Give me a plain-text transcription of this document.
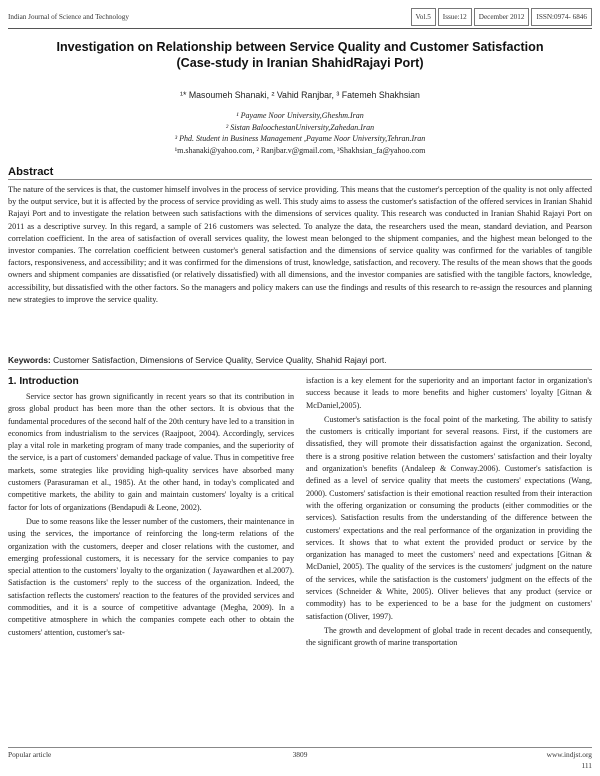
Indian Journal of Science and Technology	Vol.5	Issue:12	December 2012	ISSN:0974- 6846
Investigation on Relationship between Service Quality and Customer Satisfaction
(Case-study in Iranian ShahidRajayi Port)
¹* Masoumeh Shanaki, ² Vahid Ranjbar, ³ Fatemeh Shakhsian
¹ Payame Noor University,Gheshm.Iran
² Sistan BaloochestanUniversity,Zahedan.Iran
³ Phd. Student in Business Management ,Payame Noor University,Tehran.Iran
¹m.shanaki@yahoo.com, ² Ranjbar.v@gmail.com, ³Shakhsian_fa@yahoo.com
Abstract
The nature of the services is that, the customer himself involves in the process of service providing. This means that the customer's perception of the quality is not only affected by the output service, but it is affected by the process of service providing as well. This study aims to assess the customer's satisfaction of the offered services in Iranian Shahid Rajayi Port and to investigate the relation between such satisfactions with the dimensions of services quality. This research was conducted in Iranian Shahid Rajayi Port on 2011 as a descriptive survey. In this regard, a sample of 216 customers was selected. To analyze the data, the researchers used the mean, standard deviation, and Pearson correlation coefficient. In the area of satisfaction of overall services quality, the lowest mean belonged to the shipment companies, and the highest mean belonged to the investor companies. The correlation coefficient between customer's general satisfaction and the dimensions of service quality was confirmed for the variables of tangible factors, responsiveness, and accessibility; and it was confirmed for the dimensions of trust, knowledge, satisfaction, and recovery. The results of the mean shows that the goods owners and shipment companies are dissatisfied (or relatively dissatisfied) with all dimensions, and the investor companies are satisfied with the tangible factors, knowledge, accessibility, but dissatisfied with the other factors. So the managers and policy makers can use the findings and results of this research to re-assign the resources and planning new strategies to improve the service quality.
Keywords: Customer Satisfaction, Dimensions of Service Quality, Service Quality, Shahid Rajayi port.
1. Introduction

Service sector has grown significantly in recent years so that its contribution in gross global product has been more than the other sectors. It is obvious that the fundamental procedures of the second half of the 20th century have led to a transition in economics from industrialism to the services (Raajpoot, 2004). Accordingly, services play a vital role in marketing program of many trade companies, and the superiority of the service, is a part of customers' demanded package of value. Thus in competitive free markets, some strategies like providing high-quality services have absorbed many customers (Parasuraman et al., 1985). At the other hand, in today's complicated and competitive markets, the ability to gain and maintain customers' loyalty is a critical factor for lots of organizations (Bendapudi & Leone, 2002).

Due to some reasons like the lesser number of the customers, their maintenance in using the services, the importance of reinforcing the long-term relations of the organization with the customers, deeper and closer relations with the customer, and emerging professional customers, it is necessary for the service companies to pay special attention to the customers' loyalty to the organization ( Jayawardhen et al.2007). Satisfaction is the customers' reply to the success of the organization. Indeed, the satisfaction reflects the customers' reaction to the features of the provided services and commodities, and it is a source of competitive advantage (Megha, 2009). In a competitive atmosphere in which the companies compete each other to obtain the customers' attention, customer's sat-

isfaction is a key element for the superiority and an important factor in organization's success because it leads to more benefits and higher customers' loyalty [Gitnan & McDaniel,2005).

Customer's satisfaction is the focal point of the marketing. The ability to satisfy the customers is critically important for several reasons. First, if the customers are dissatisfied, they will promote their dissatisfaction against the organization. Second, there is a strong positive relation between the customers' satisfaction and their loyalty and organization's benefits (Andaleep & Conway.2006). Customer's satisfaction is defined as a level of service quality that meets the customers' expectations (Wang, 2000). Customers' satisfaction is their emotional reaction resulted from their interaction with the offering organization or consuming the products (either commodities or the services). Satisfaction results from the understanding of the difference between the customers' expectations and the real performance of the organization in providing the services. It shows that to what extent the provided product or service by the organization has managed to meet the customers' need and expectations [Gitnan & McDaniel, 2005). The quality of the services is the customers' judgment on the nature of the services, while the satisfaction is the customers' judgment on the effects of the services (Schneider & White, 2005). Oliver believes that any product (service or commodity) has to be experienced to be a base for the judgment on customers' satisfaction (Oliver, 1997).

The growth and development of global trade in recent decades and consequently, the significant growth of marine transportation

Popular article	3809	www.indjst.org
111
